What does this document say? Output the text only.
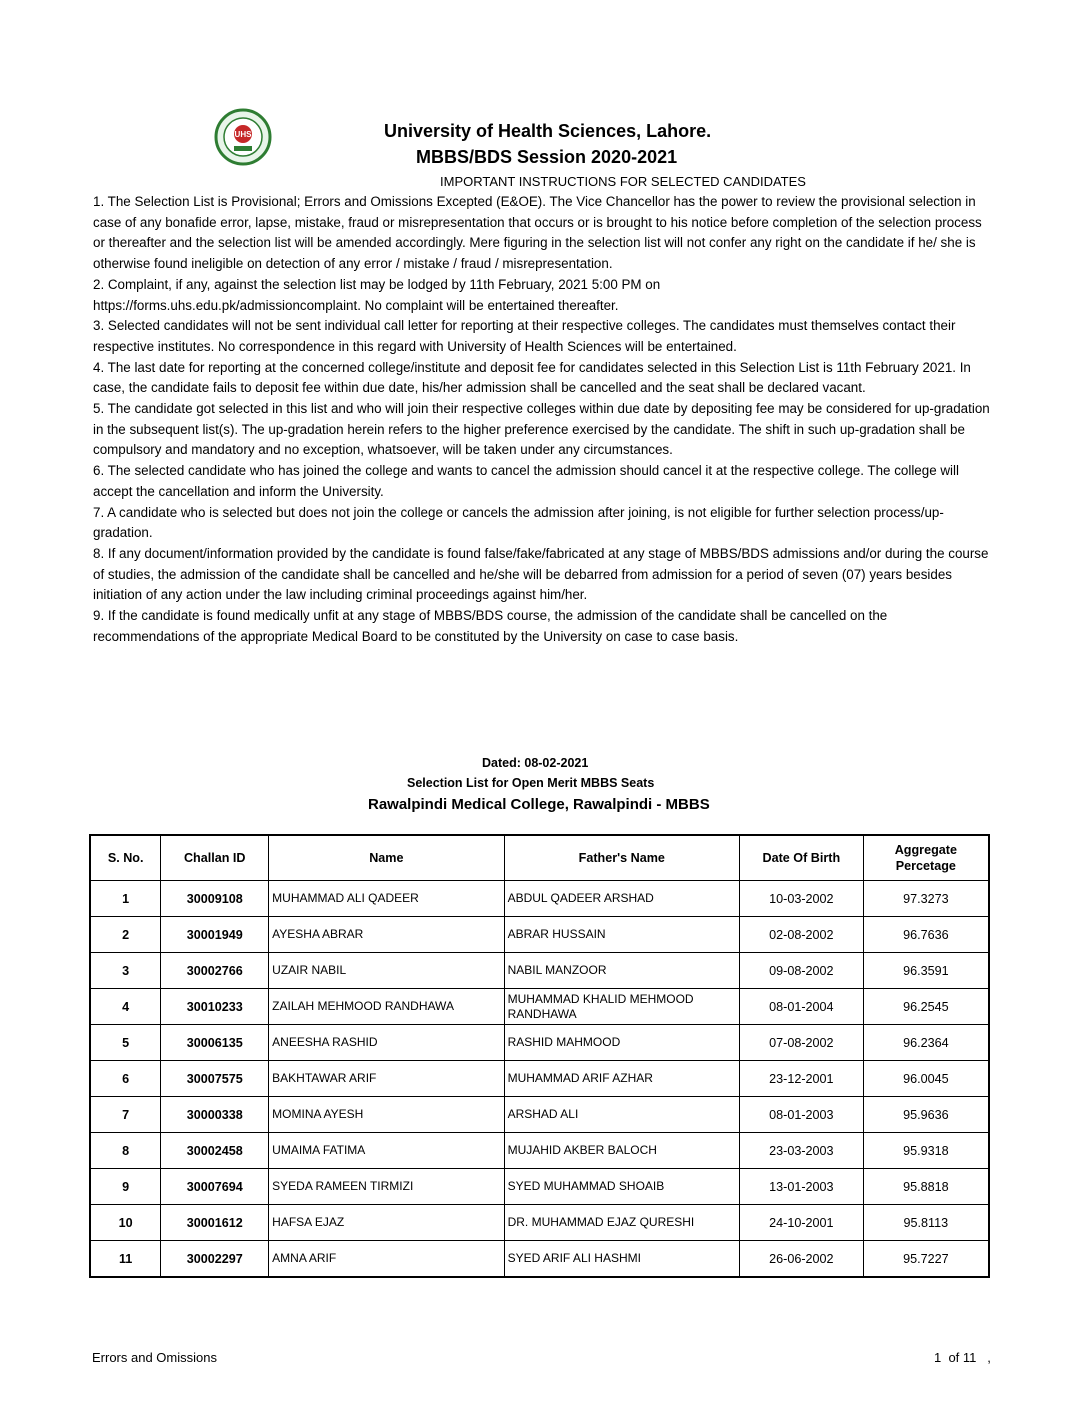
UHS	University of Health Sciences, Lahore.
MBBS/BDS Session 2020-2021
IMPORTANT INSTRUCTIONS FOR SELECTED CANDIDATES

1. The Selection List is Provisional; Errors and Omissions Excepted (E&OE). The Vice Chancellor has the power to review the provisional selection in case of any bonafide error, lapse, mistake, fraud or misrepresentation that occurs or is brought to his notice before completion of the selection process or thereafter and the selection list will be amended accordingly. Mere figuring in the selection list will not confer any right on the candidate if he/ she is otherwise found ineligible on detection of any error / mistake / fraud / misrepresentation.

2. Complaint, if any, against the selection list may be lodged by 11th February, 2021 5:00 PM on

https://forms.uhs.edu.pk/admissioncomplaint. No complaint will be entertained thereafter.

3. Selected candidates will not be sent individual call letter for reporting at their respective colleges. The candidates must themselves contact their respective institutes. No correspondence in this regard with University of Health Sciences will be entertained.

4. The last date for reporting at the concerned college/institute and deposit fee for candidates selected in this Selection List is 11th February 2021. In case, the candidate fails to deposit fee within due date, his/her admission shall be cancelled and the seat shall be declared vacant.

5. The candidate got selected in this list and who will join their respective colleges within due date by depositing fee may be considered for up-gradation in the subsequent list(s). The up-gradation herein refers to the higher preference exercised by the candidate. The shift in such up-gradation shall be compulsory and mandatory and no exception, whatsoever, will be taken under any circumstances.

6. The selected candidate who has joined the college and wants to cancel the admission should cancel it at the respective college. The college will accept the cancellation and inform the University.

7. A candidate who is selected but does not join the college or cancels the admission after joining, is not eligible for further selection process/up-gradation.

8. If any document/information provided by the candidate is found false/fake/fabricated at any stage of MBBS/BDS admissions and/or during the course of studies, the admission of the candidate shall be cancelled and he/she will be debarred from admission for a period of seven (07) years besides initiation of any action under the law including criminal proceedings against him/her.

9. If the candidate is found medically unfit at any stage of MBBS/BDS course, the admission of the candidate shall be cancelled on the recommendations of the appropriate Medical Board to be constituted by the University on case to case basis.

Dated: 08-02-2021
Selection List for Open Merit MBBS Seats
Rawalpindi Medical College, Rawalpindi - MBBS
S. No.	Challan ID	Name	Father's Name	Date Of Birth	Aggregate Percetage
1	30009108	MUHAMMAD ALI QADEER	ABDUL QADEER ARSHAD	10-03-2002	97.3273
2	30001949	AYESHA ABRAR	ABRAR HUSSAIN	02-08-2002	96.7636
3	30002766	UZAIR NABIL	NABIL MANZOOR	09-08-2002	96.3591
4	30010233	ZAILAH MEHMOOD RANDHAWA	MUHAMMAD KHALID MEHMOOD RANDHAWA	08-01-2004	96.2545
5	30006135	ANEESHA RASHID	RASHID MAHMOOD	07-08-2002	96.2364
6	30007575	BAKHTAWAR ARIF	MUHAMMAD ARIF AZHAR	23-12-2001	96.0045
7	30000338	MOMINA AYESH	ARSHAD ALI	08-01-2003	95.9636
8	30002458	UMAIMA FATIMA	MUJAHID AKBER BALOCH	23-03-2003	95.9318
9	30007694	SYEDA RAMEEN TIRMIZI	SYED MUHAMMAD SHOAIB	13-01-2003	95.8818
10	30001612	HAFSA EJAZ	DR. MUHAMMAD EJAZ QURESHI	24-10-2001	95.8113
11	30002297	AMNA ARIF	SYED ARIF ALI HASHMI	26-06-2002	95.7227
Errors and Omissions	1  of 11   ,
